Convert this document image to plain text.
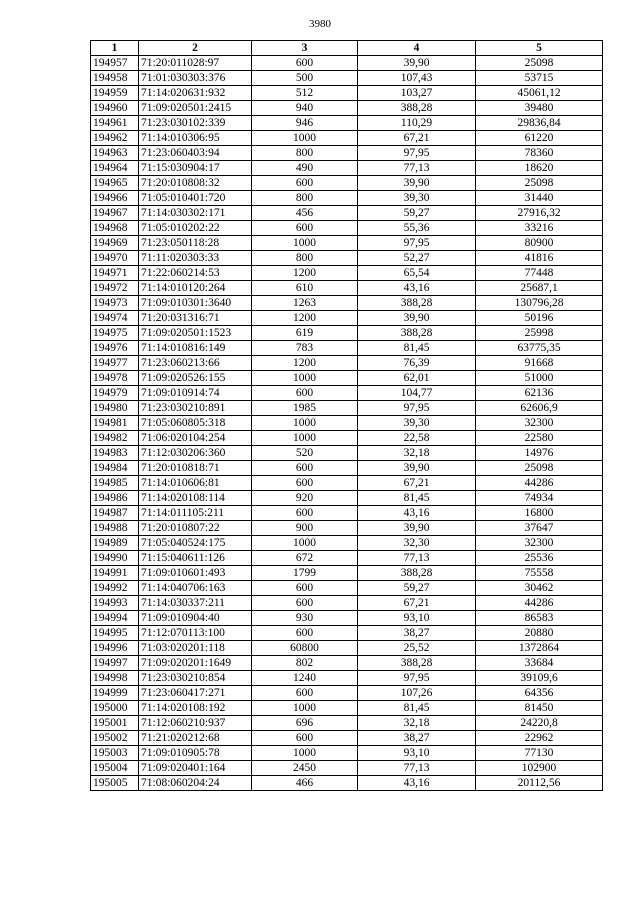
3980
1	2	3	4	5
194957	71:20:011028:97	600	39,90	25098
194958	71:01:030303:376	500	107,43	53715
194959	71:14:020631:932	512	103,27	45061,12
194960	71:09:020501:2415	940	388,28	39480
194961	71:23:030102:339	946	110,29	29836,84
194962	71:14:010306:95	1000	67,21	61220
194963	71:23:060403:94	800	97,95	78360
194964	71:15:030904:17	490	77,13	18620
194965	71:20:010808:32	600	39,90	25098
194966	71:05:010401:720	800	39,30	31440
194967	71:14:030302:171	456	59,27	27916,32
194968	71:05:010202:22	600	55,36	33216
194969	71:23:050118:28	1000	97,95	80900
194970	71:11:020303:33	800	52,27	41816
194971	71:22:060214:53	1200	65,54	77448
194972	71:14:010120:264	610	43,16	25687,1
194973	71:09:010301:3640	1263	388,28	130796,28
194974	71:20:031316:71	1200	39,90	50196
194975	71:09:020501:1523	619	388,28	25998
194976	71:14:010816:149	783	81,45	63775,35
194977	71:23:060213:66	1200	76,39	91668
194978	71:09:020526:155	1000	62,01	51000
194979	71:09:010914:74	600	104,77	62136
194980	71:23:030210:891	1985	97,95	62606,9
194981	71:05:060805:318	1000	39,30	32300
194982	71:06:020104:254	1000	22,58	22580
194983	71:12:030206:360	520	32,18	14976
194984	71:20:010818:71	600	39,90	25098
194985	71:14:010606:81	600	67,21	44286
194986	71:14:020108:114	920	81,45	74934
194987	71:14:011105:211	600	43,16	16800
194988	71:20:010807:22	900	39,90	37647
194989	71:05:040524:175	1000	32,30	32300
194990	71:15:040611:126	672	77,13	25536
194991	71:09:010601:493	1799	388,28	75558
194992	71:14:040706:163	600	59,27	30462
194993	71:14:030337:211	600	67,21	44286
194994	71:09:010904:40	930	93,10	86583
194995	71:12:070113:100	600	38,27	20880
194996	71:03:020201:118	60800	25,52	1372864
194997	71:09:020201:1649	802	388,28	33684
194998	71:23:030210:854	1240	97,95	39109,6
194999	71:23:060417:271	600	107,26	64356
195000	71:14:020108:192	1000	81,45	81450
195001	71:12:060210:937	696	32,18	24220,8
195002	71:21:020212:68	600	38,27	22962
195003	71:09:010905:78	1000	93,10	77130
195004	71:09:020401:164	2450	77,13	102900
195005	71:08:060204:24	466	43,16	20112,56
